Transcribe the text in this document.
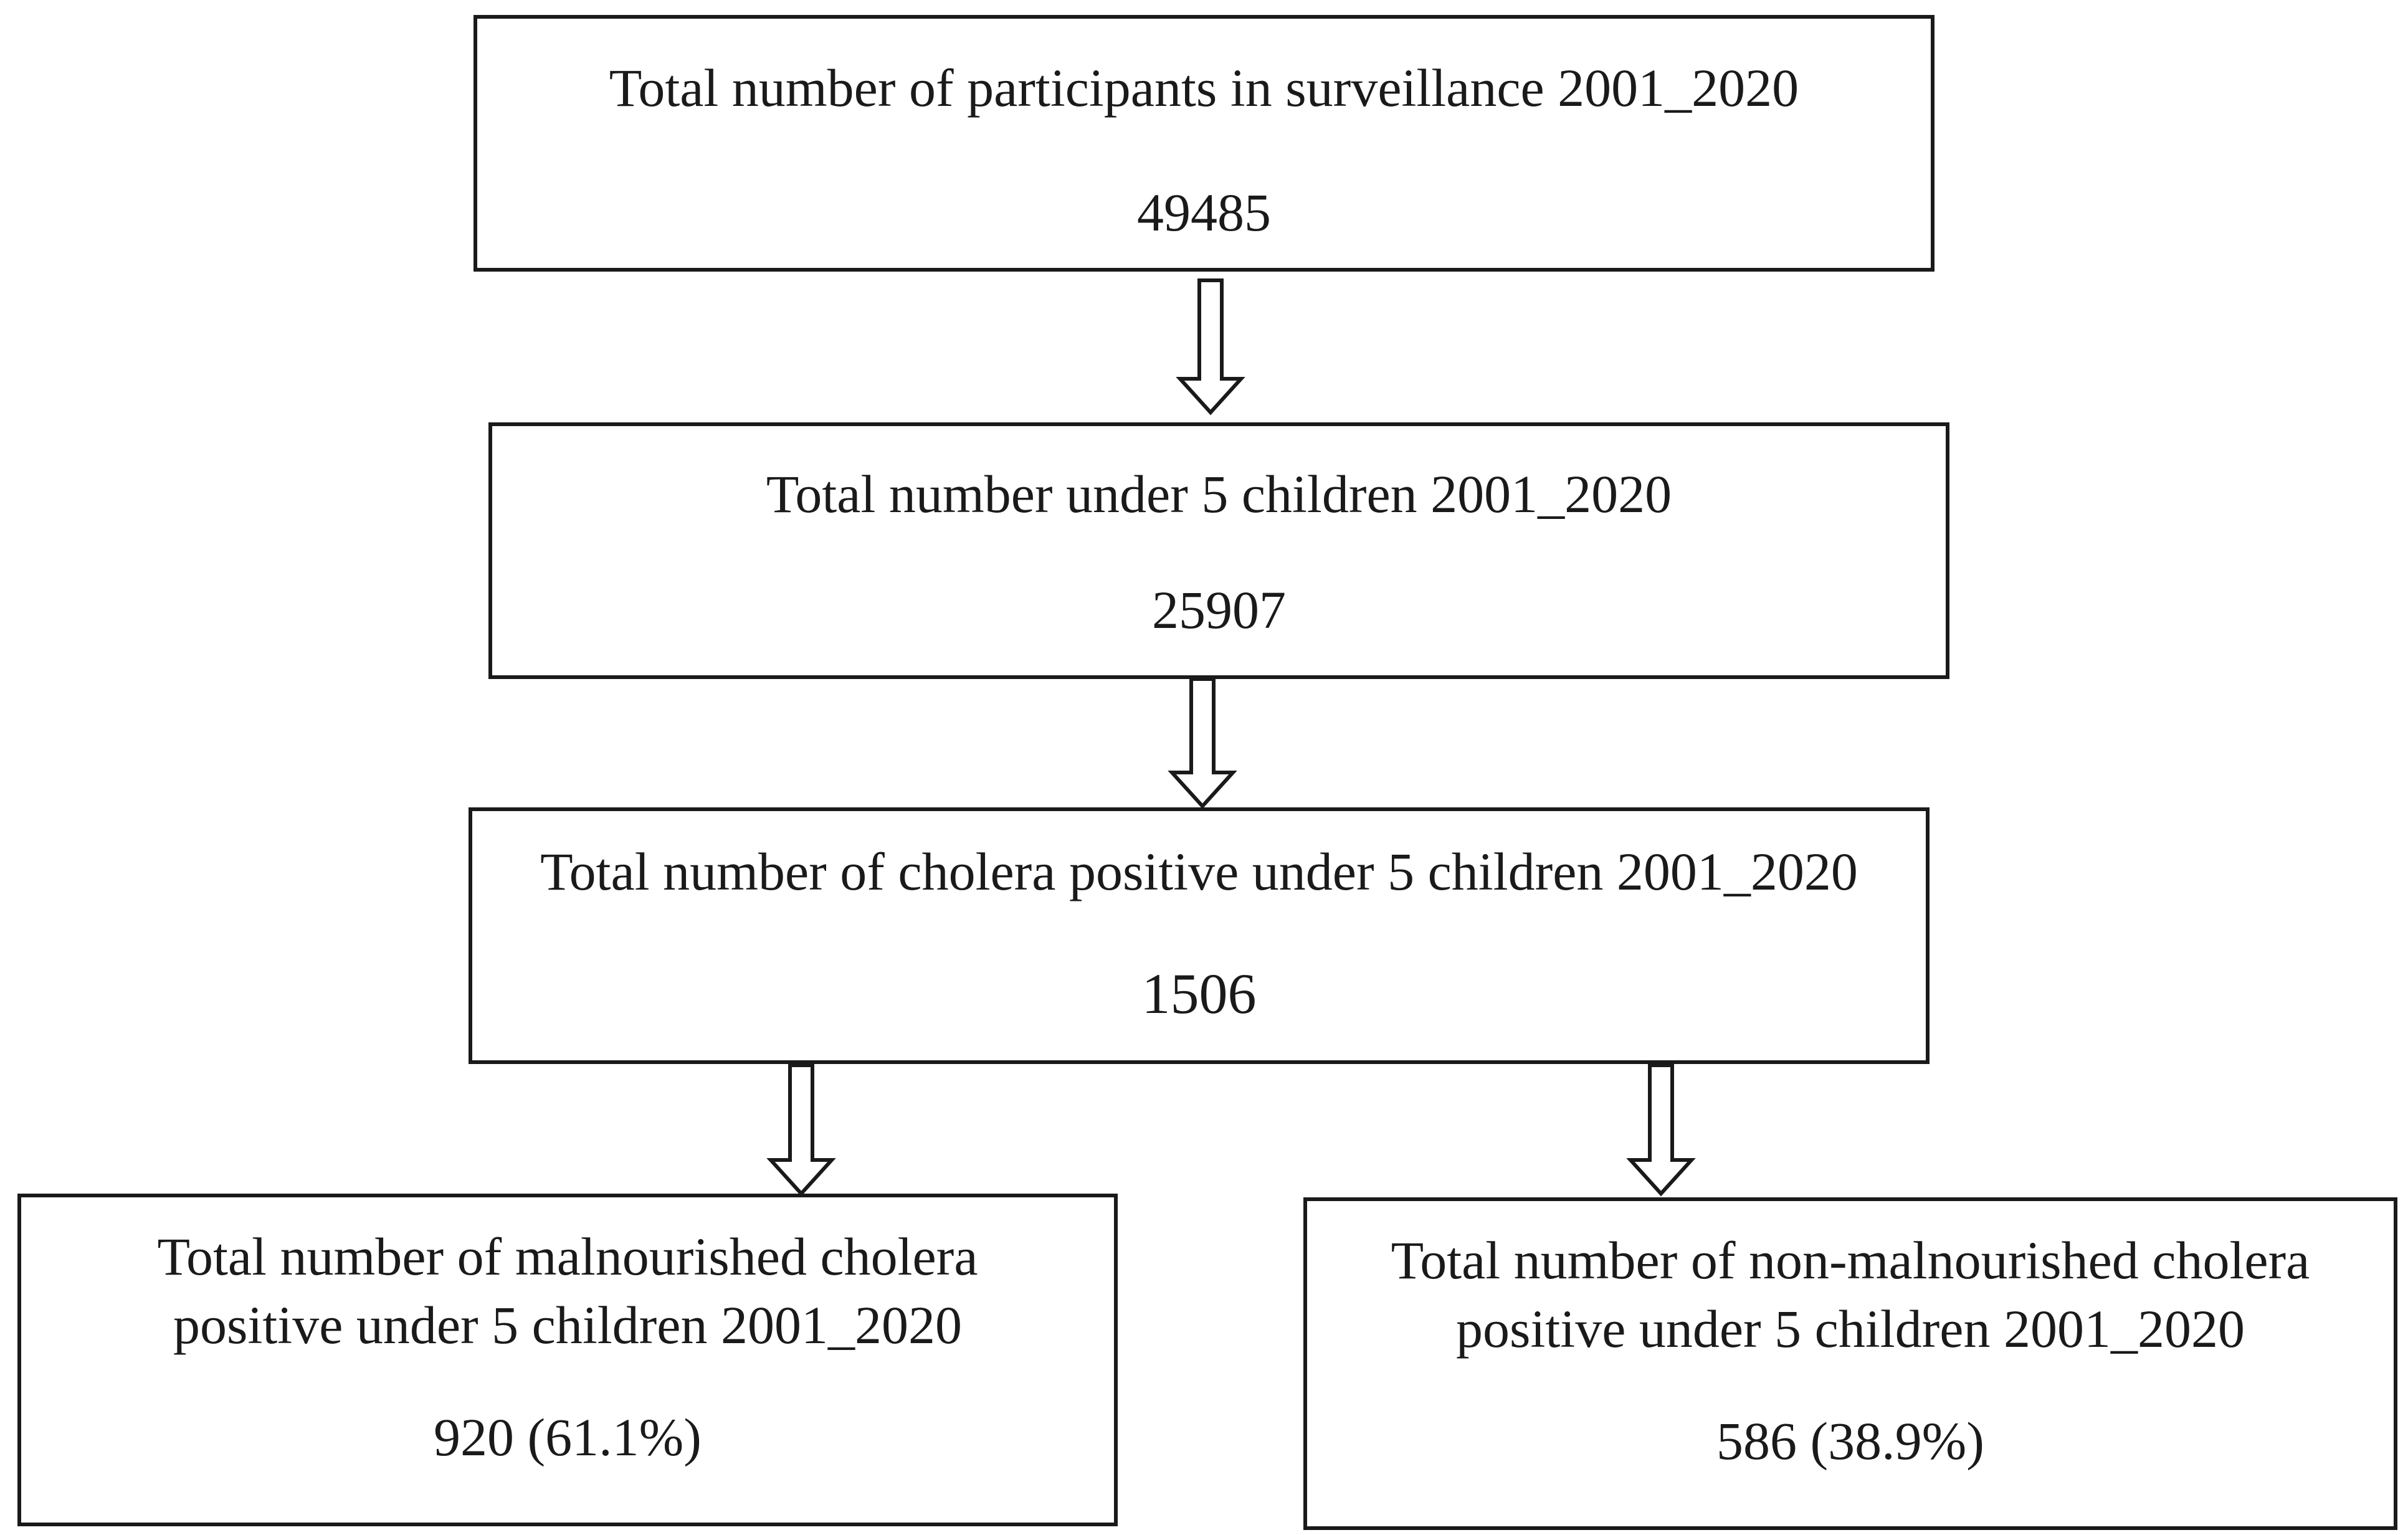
Total number of participants in surveillance 2001_2020
49485
Total number under 5 children 2001_2020
25907
Total number of cholera positive under 5 children 2001_2020
1506
Total number of malnourished cholera
positive under 5 children 2001_2020
920 (61.1%)
Total number of non-malnourished cholera
positive under 5 children 2001_2020
586 (38.9%)
